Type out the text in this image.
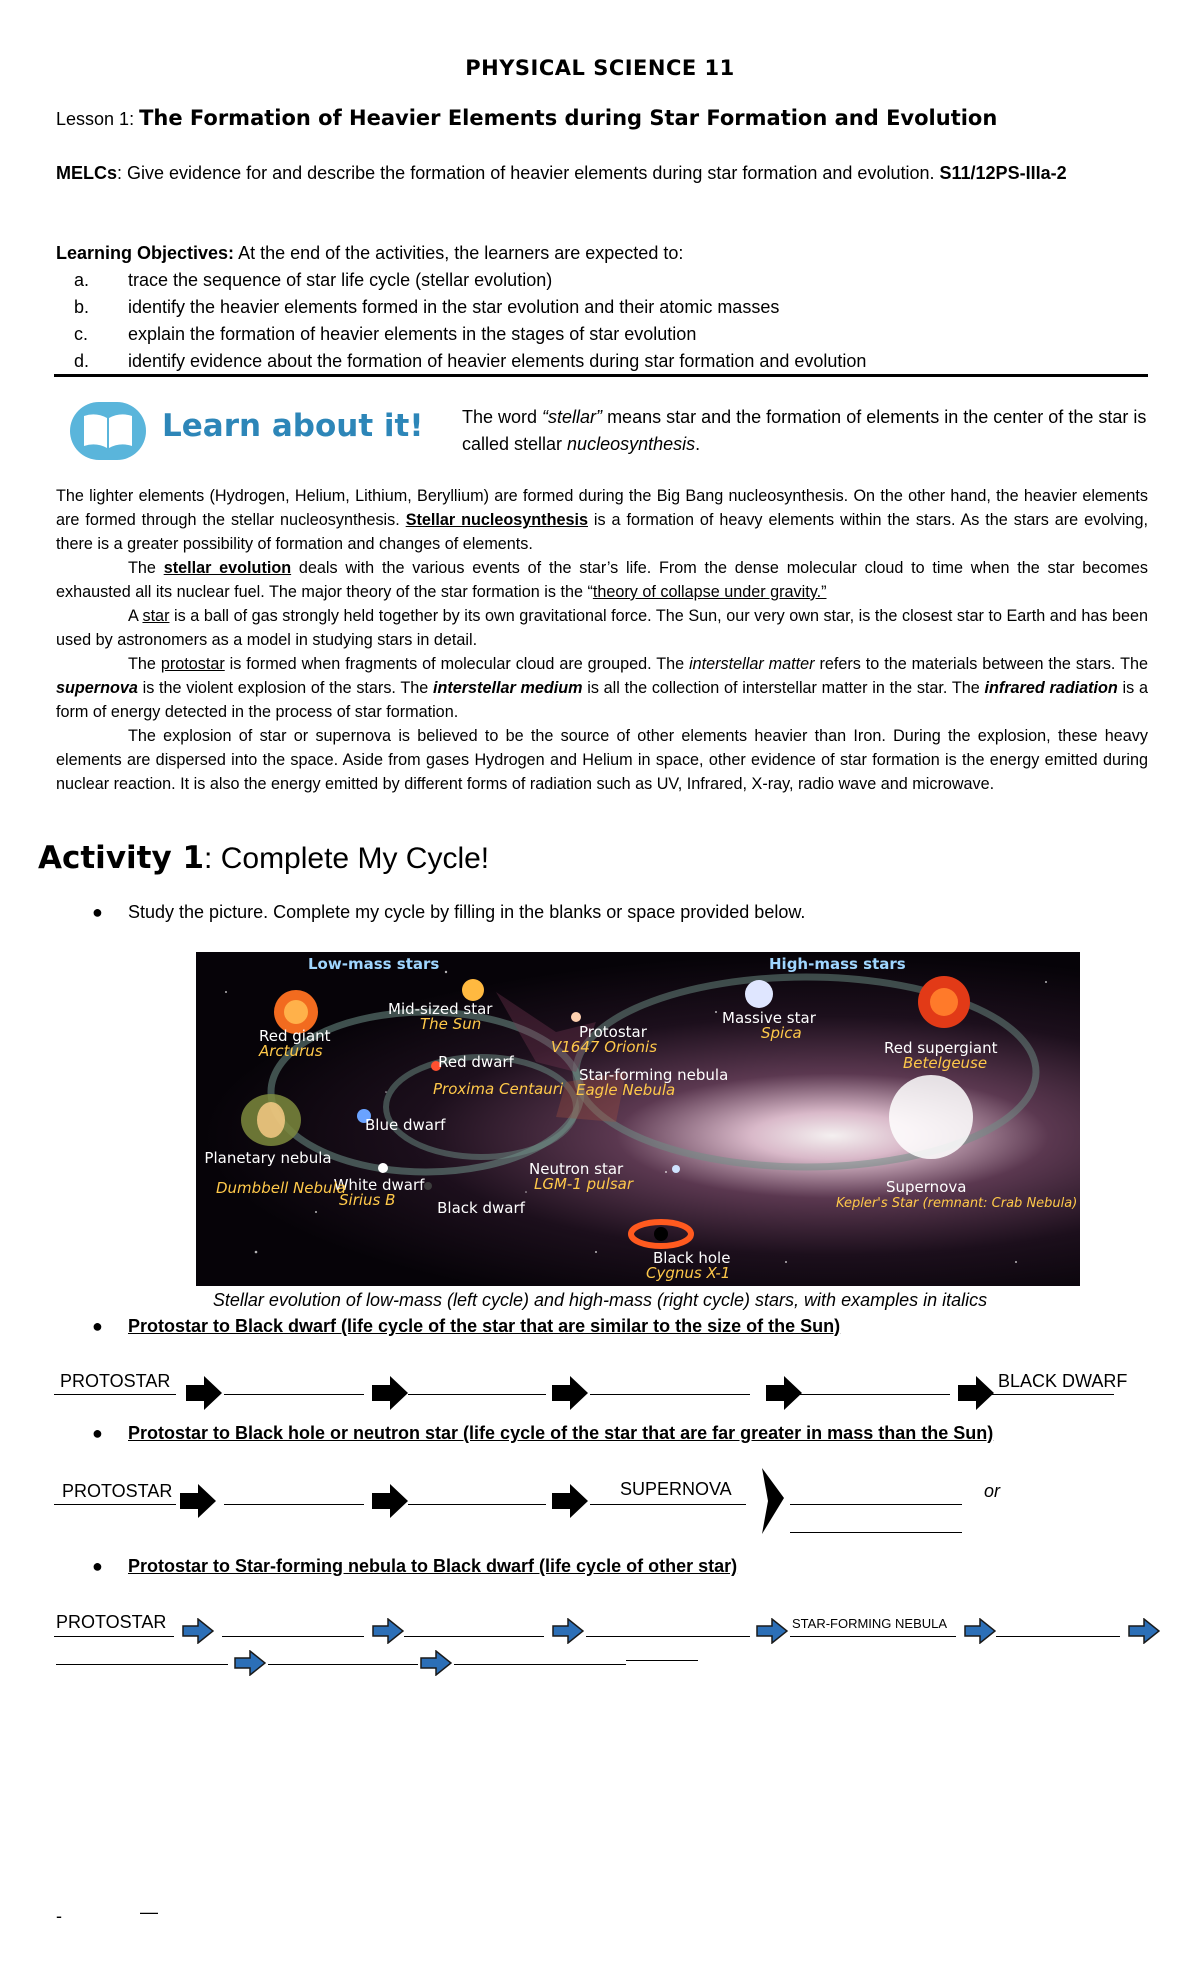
PHYSICAL SCIENCE 11
Lesson 1: The Formation of Heavier Elements during Star Formation and Evolution
MELCs: Give evidence for and describe the formation of heavier elements during star formation and evolution. S11/12PS-IIIa-2
Learning Objectives: At the end of the activities, the learners are expected to:
a. trace the sequence of star life cycle (stellar evolution)
b. identify the heavier elements formed in the star evolution and their atomic masses
c. explain the formation of heavier elements in the stages of star evolution
d. identify evidence about the formation of heavier elements during star formation and evolution
Learn about it! The word “stellar” means star and the formation of elements in the center of the star is called stellar nucleosynthesis.

The lighter elements (Hydrogen, Helium, Lithium, Beryllium) are formed during the Big Bang nucleosynthesis. On the other hand, the heavier elements are formed through the stellar nucleosynthesis. Stellar nucleosynthesis is a formation of heavy elements within the stars. As the stars are evolving, there is a greater possibility of formation and changes of elements.

The stellar evolution deals with the various events of the star’s life. From the dense molecular cloud to time when the star becomes exhausted all its nuclear fuel. The major theory of the star formation is the “theory of collapse under gravity.”

A star is a ball of gas strongly held together by its own gravitational force. The Sun, our very own star, is the closest star to Earth and has been used by astronomers as a model in studying stars in detail.

The protostar is formed when fragments of molecular cloud are grouped. The interstellar matter refers to the materials between the stars. The supernova is the violent explosion of the stars. The interstellar medium is all the collection of interstellar matter in the star. The infrared radiation is a form of energy detected in the process of star formation.

The explosion of star or supernova is believed to be the source of other elements heavier than Iron. During the explosion, these heavy elements are dispersed into the space. Aside from gases Hydrogen and Helium in space, other evidence of star formation is the energy emitted during nuclear reaction. It is also the energy emitted by different forms of radiation such as UV, Infrared, X-ray, radio wave and microwave.

Activity 1: Complete My Cycle!
● Study the picture. Complete my cycle by filling in the blanks or space provided below.
Low-mass stars	High-mass stars
Red giant
Mid-sized star
Protostar
Massive star
Red supergiant
Star-forming nebula
Blue dwarf
Neutron star
Supernova
Black hole
Red dwarf
Planetary nebula
White dwarf
Black dwarf
Arcturus
The Sun
V1647 Orionis
Spica
Betelgeuse
Proxima Centauri Eagle Nebula
Dumbbell Nebula
Sirius B
LGM-1 pulsar
Kepler's Star (remnant: Crab Nebula)
Cygnus X-1
Stellar evolution of low-mass (left cycle) and high-mass (right cycle) stars, with examples in italics
● Protostar to Black dwarf (life cycle of the star that are similar to the size of the Sun)
PROTOSTAR	BLACK DWARF
● Protostar to Black hole or neutron star (life cycle of the star that are far greater in mass than the Sun)
PROTOSTAR	SUPERNOVA	or
● Protostar to Star-forming nebula to Black dwarf (life cycle of other star)
PROTOSTAR	STAR-FORMING NEBULA
-	—
